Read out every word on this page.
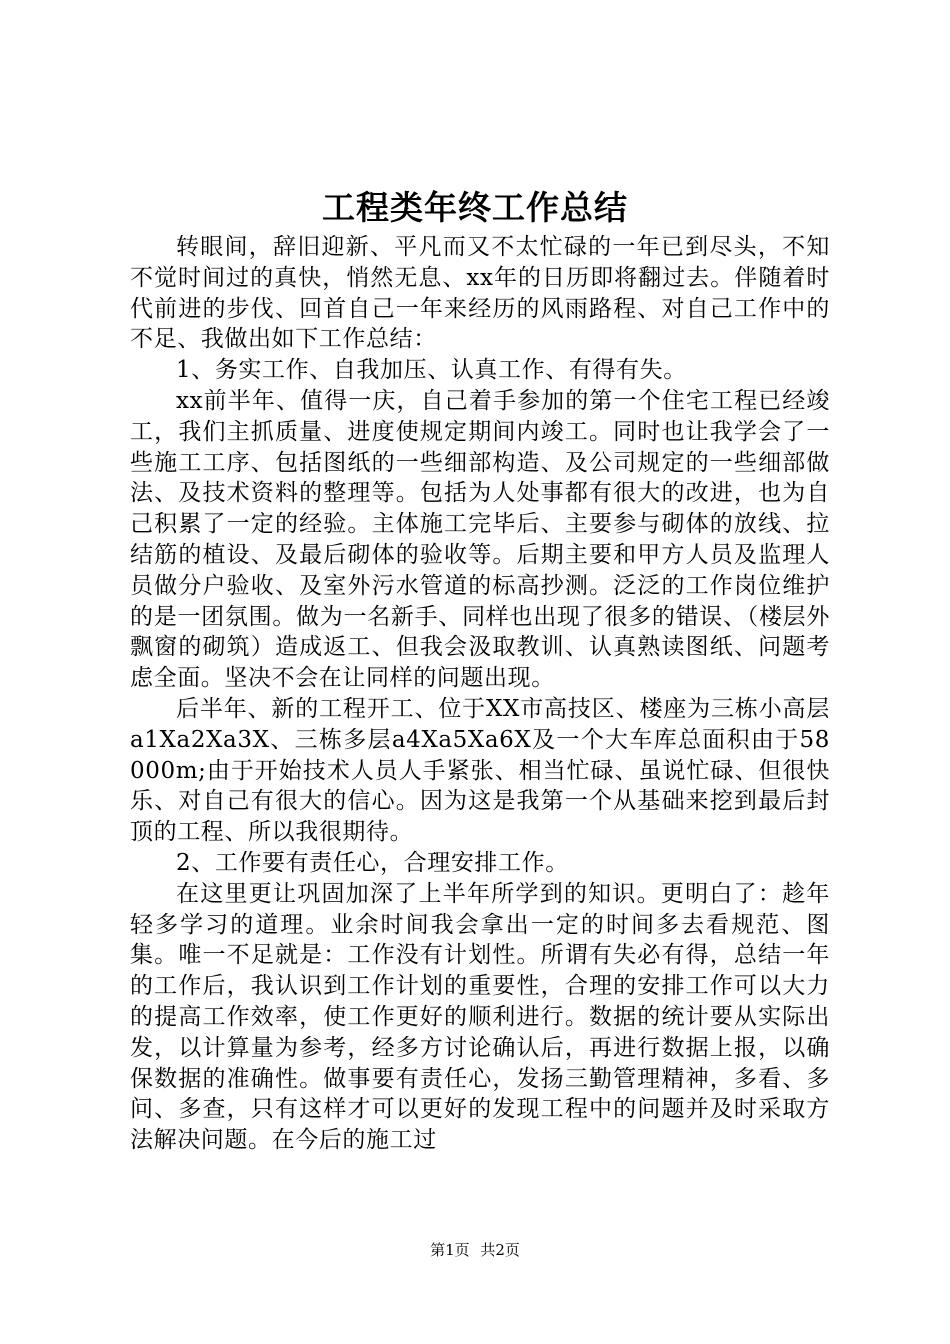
工程类年终工作总结

转眼间，辞旧迎新、平凡而又不太忙碌的一年已到尽头，不知不觉时间过的真快，悄然无息、xx年的日历即将翻过去。伴随着时代前进的步伐、回首自己一年来经历的风雨路程、对自己工作中的不足、我做出如下工作总结：

1、务实工作、自我加压、认真工作、有得有失。

xx前半年、值得一庆，自己着手参加的第一个住宅工程已经竣工，我们主抓质量、进度使规定期间内竣工。同时也让我学会了一些施工工序、包括图纸的一些细部构造、及公司规定的一些细部做法、及技术资料的整理等。包括为人处事都有很大的改进，也为自己积累了一定的经验。主体施工完毕后、主要参与砌体的放线、拉结筋的植设、及最后砌体的验收等。后期主要和甲方人员及监理人员做分户验收、及室外污水管道的标高抄测。泛泛的工作岗位维护的是一团氛围。做为一名新手、同样也出现了很多的错误、（楼层外飘窗的砌筑）造成返工、但我会汲取教训、认真熟读图纸、问题考虑全面。坚决不会在让同样的问题出现。

后半年、新的工程开工、位于XX市高技区、楼座为三栋小高层a1Xa2Xa3X、三栋多层a4Xa5Xa6X及一个大车库总面积由于58000m;由于开始技术人员人手紧张、相当忙碌、虽说忙碌、但很快乐、对自己有很大的信心。因为这是我第一个从基础来挖到最后封顶的工程、所以我很期待。

2、工作要有责任心，合理安排工作。

在这里更让巩固加深了上半年所学到的知识。更明白了：趁年轻多学习的道理。业余时间我会拿出一定的时间多去看规范、图集。唯一不足就是：工作没有计划性。所谓有失必有得，总结一年的工作后，我认识到工作计划的重要性，合理的安排工作可以大力的提高工作效率，使工作更好的顺利进行。数据的统计要从实际出发，以计算量为参考，经多方讨论确认后，再进行数据上报，以确保数据的准确性。做事要有责任心，发扬三勤管理精神，多看、多问、多查，只有这样才可以更好的发现工程中的问题并及时采取方法解决问题。在今后的施工过

第1页 共2页
